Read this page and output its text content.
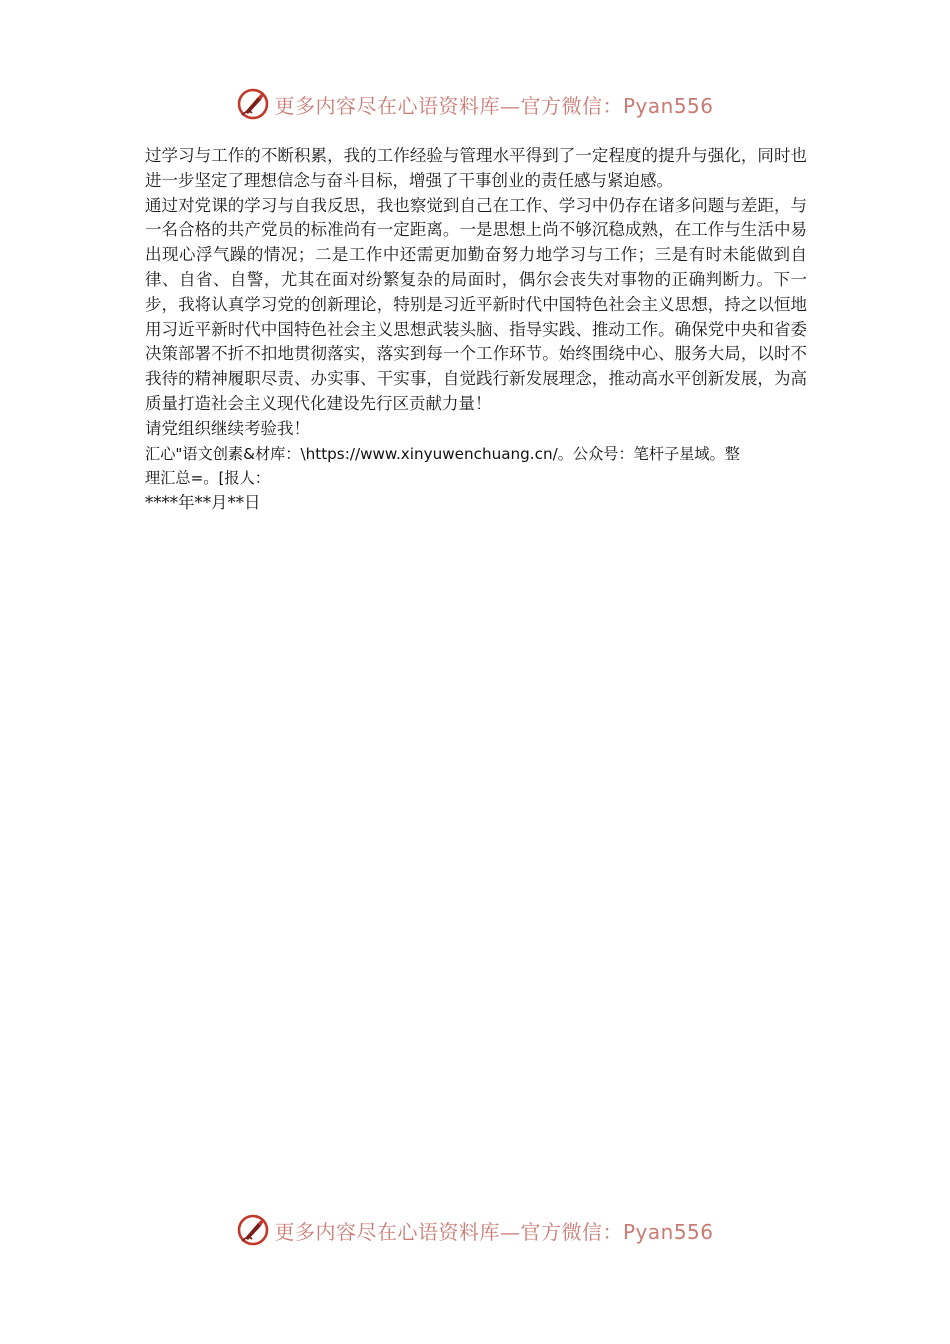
更多内容尽在心语资料库—官方微信：Pyan556

过学习与工作的不断积累，我的工作经验与管理水平得到了一定程度的提升与强化，同时也进一步坚定了理想信念与奋斗目标，增强了干事创业的责任感与紧迫感。

通过对党课的学习与自我反思，我也察觉到自己在工作、学习中仍存在诸多问题与差距，与一名合格的共产党员的标准尚有一定距离。一是思想上尚不够沉稳成熟，在工作与生活中易出现心浮气躁的情况；二是工作中还需更加勤奋努力地学习与工作；三是有时未能做到自律、自省、自警，尤其在面对纷繁复杂的局面时，偶尔会丧失对事物的正确判断力。下一步，我将认真学习党的创新理论，特别是习近平新时代中国特色社会主义思想，持之以恒地用习近平新时代中国特色社会主义思想武装头脑、指导实践、推动工作。确保党中央和省委决策部署不折不扣地贯彻落实，落实到每一个工作环节。始终围绕中心、服务大局，以时不我待的精神履职尽责、办实事、干实事，自觉践行新发展理念，推动高水平创新发展，为高质量打造社会主义现代化建设先行区贡献力量！

请党组织继续考验我！

汇心"语文创素&材库：\https://www.xinyuwenchuang.cn/。公众号：笔杆子星域。整
理汇总=。[报人：

****年**月**日

更多内容尽在心语资料库—官方微信：Pyan556
